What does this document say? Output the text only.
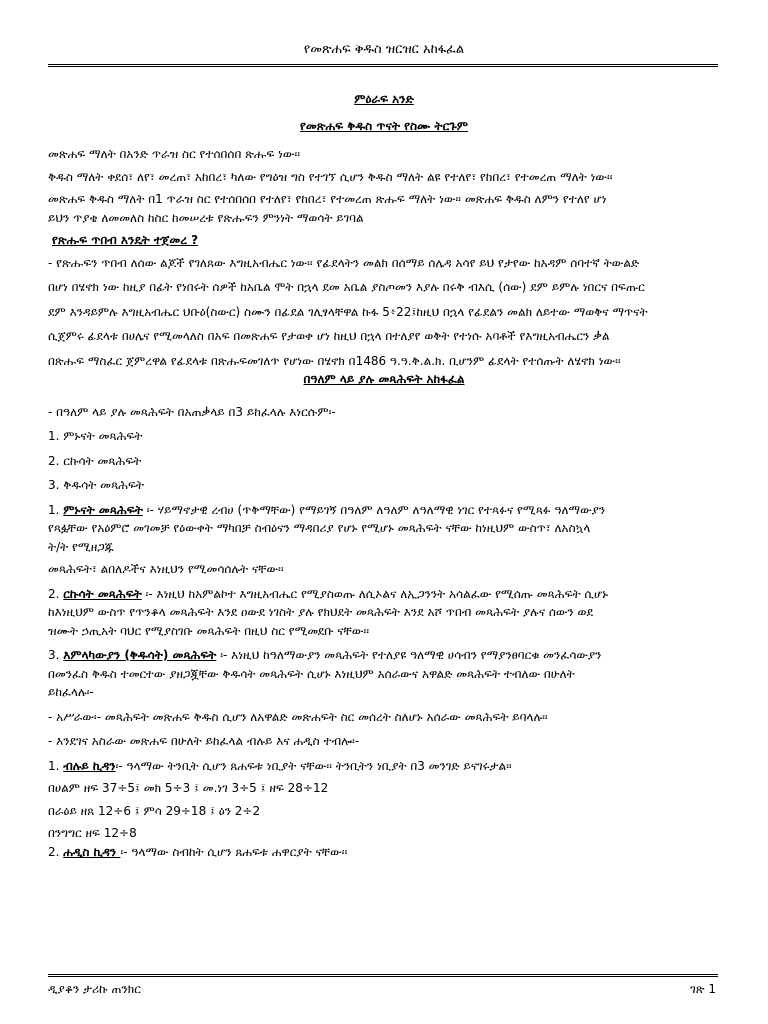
የመጽሐፍ ቅዱስ ዝርዝር አከፋፈል
ምዕራፍ አንድ
የመጽሐፍ ቅዱስ ጥናት የስሙ ትርጉም

መጽሐፍ ማለት በአንድ ጥራዝ ስር የተሰበሰበ ጽሑፍ ነው፡፡

ቅዱስ ማለት ቀደሰ፣ ለየ፣ መረጠ፣ አከበረ፣ ካለው የግዕዝ ግስ የተገኘ ሲሆን ቅዱስ ማለት ልዩ የተለየ፣ የከበረ፣ የተመረጠ ማለት ነው፡፡

መጽሐፍ ቅዱስ ማለት በ1 ጥራዝ ስር የተሰበሰበ የተለየ፣ የከበረ፣ የተመረጠ ጽሑፍ ማለት ነው፡፡ መጽሐፍ ቅዱስ ለምን የተለየ ሆነ

ይህን ጥያቄ ለመመለስ ከስር ከመሠረቱ የጽሑፍን ምንነት ማወሳት ይገባል

የጽሑፍ ጥበብ እንዴት ተጀመረ ?

- የጽሑፍን ጥበብ ለሰው ልጆች የገለጸው እግዚአብሔር ነው፡፡ የፊደላትን መልክ በሰማይ ሰሌዳ አሳየ ይህ የታየው ከአዳም ሰባተኛ ትውልድ

በሆነ በሄኖክ ነው ከዚያ በፊት የነበሩት ሰዎች ከአቤል ሞት በኋላ ደመ አቤል ያስጦመን እያሉ በሩቅ ብእሲ (ሰው) ደም ይምሉ ነበርና በፍጡር

ደም እንዳይምሉ እግዚአብሔር ህቡዕ(ስውር) ስሙን በፊደል ገሊፃላቸዋል ኩፋ 5፥22፤ከዚህ በኋላ የፊደልን መልክ ለይተው ማወቅና ማጥናት

ሲጀምሩ ፊደላቱ በሀሌና የሚመላለስ በአፍ በመጽሐፍ የታወቀ ሆነ ከዚህ በኋላ በተለያየ ወቅት የተነሱ አባቶች የእግዚአብሔርን ቃል

በጽሑፍ ማስፈር ጀምረዋል የፊደላቱ በጽሑፍመገለጥ የሆነው በሄኖክ በ1486 ዓ.ዓ.ቅ.ል.ክ. ቢሆንም ፊደላት የተሰጡት ለሄኖክ ነው፡፡

በዓለም ላይ ያሉ መጻሕፍት አከፋፈል

- በዓለም ላይ ያሉ መጻሕፍት በአጠቃላይ በ3 ይከፈላሉ እነርሱም፡-

1. ምኑናት መጻሕፍት

2. ርኩሳት መጻሕፍት

3. ቅዱሳት መጻሕፍት

1. ምኑናት መጻሕፍት ፡- ሃይማኖታዊ ረብሀ (ጥቅማቸው) የማይገኝ በዓለም ለዓለም ለዓለማዊ ነገር የተጻፉና የሚጻፉ ዓለማውያን

የጻፏቸው የአዕምሮ መገመቻ የዕውቀት ማካበቻ ስብዕናን ማዳበሪያ የሆኑ የሚሆኑ መጻሕፍት ናቸው ከነዚህም ውስጥ፣ ለአስኳላ

ት/ት የሚዘጋጁ

መጻሕፍት፣ ልበለዶችና እነዚህን የሚመሳሰሉት ናቸው፡፡

2. ርኩሳት መጻሕፍት ፡- እነዚህ ከአምልኮተ እግዚአብሔር የሚያስወጡ ለሲኦልና ለኢጋንንት አሳልፈው የሚሰጡ መጻሕፍት ሲሆኑ

ከእነዚህም ውስጥ የጥንቆላ መጻሕፍት እንደ ዐውደ ነገስት ያሉ የክህደት መጻሕፍት እንደ አሾ ጥበብ መጻሕፍት ያሉና ሰውን ወደ

ዝሙት ኃጢአት ባህር የሚያስገቡ መጻሕፍት በዚህ ስር የሚመደቡ ናቸው፡፡

3. እምላካውያን (ቅዱሳት) መጻሕፍት ፡- እነዚህ ከዓለማውያን መጻሕፍት የተለያዩ ዓለማዊ ሀሳብን የማያንፀባርቁ መንፈሳውያን

በመንፈስ ቅዱስ ተመርተው ያዘጋጇቸው ቅዱሳት መጻሕፍት ሲሆኑ እነዚህም አሰራውና አዋልድ መጻሕፍት ተብለው በሁለት

ይከፈላሉ፡-

- አሥራው፡- መጻሕፍት መጽሐፍ ቅዱስ ሲሆን ለአዋልድ መጽሐፍት ስር መሰረት ስለሆኑ አሰራው መጻሕፍት ይባላሉ፡፡

- እንደገና አስራው መጽሐፍ በሁለት ይከፈላል ብሉይ እና ሐዲስ ተብሎ፡-

1. ብሉይ ኪዳን፡- ዓላማው ትንቢት ሲሆን ጸሐፍቱ ነቢያት ናቸው፡፡ ትንቢትን ነቢያት በ3 መንገድ ይናገሩታል፡፡

በሀልም ዘፍ 37÷5፤ መክ 5÷3 ፤ መ.ነገ 3÷5 ፤ ዘፍ 28÷12

በራዕይ ዘጸ 12÷6 ፤ ምሳ 29÷18 ፤ ዕን 2÷2

በንግግር ዘፍ 12÷8

2. ሐዲስ ኪዳን ፡- ዓላማው ስብከት ሲሆን ጸሐፍቱ ሐዋርያት ናቸው፡፡

ዲያቆን ታሪኩ ጠንክር	ገጽ 1
